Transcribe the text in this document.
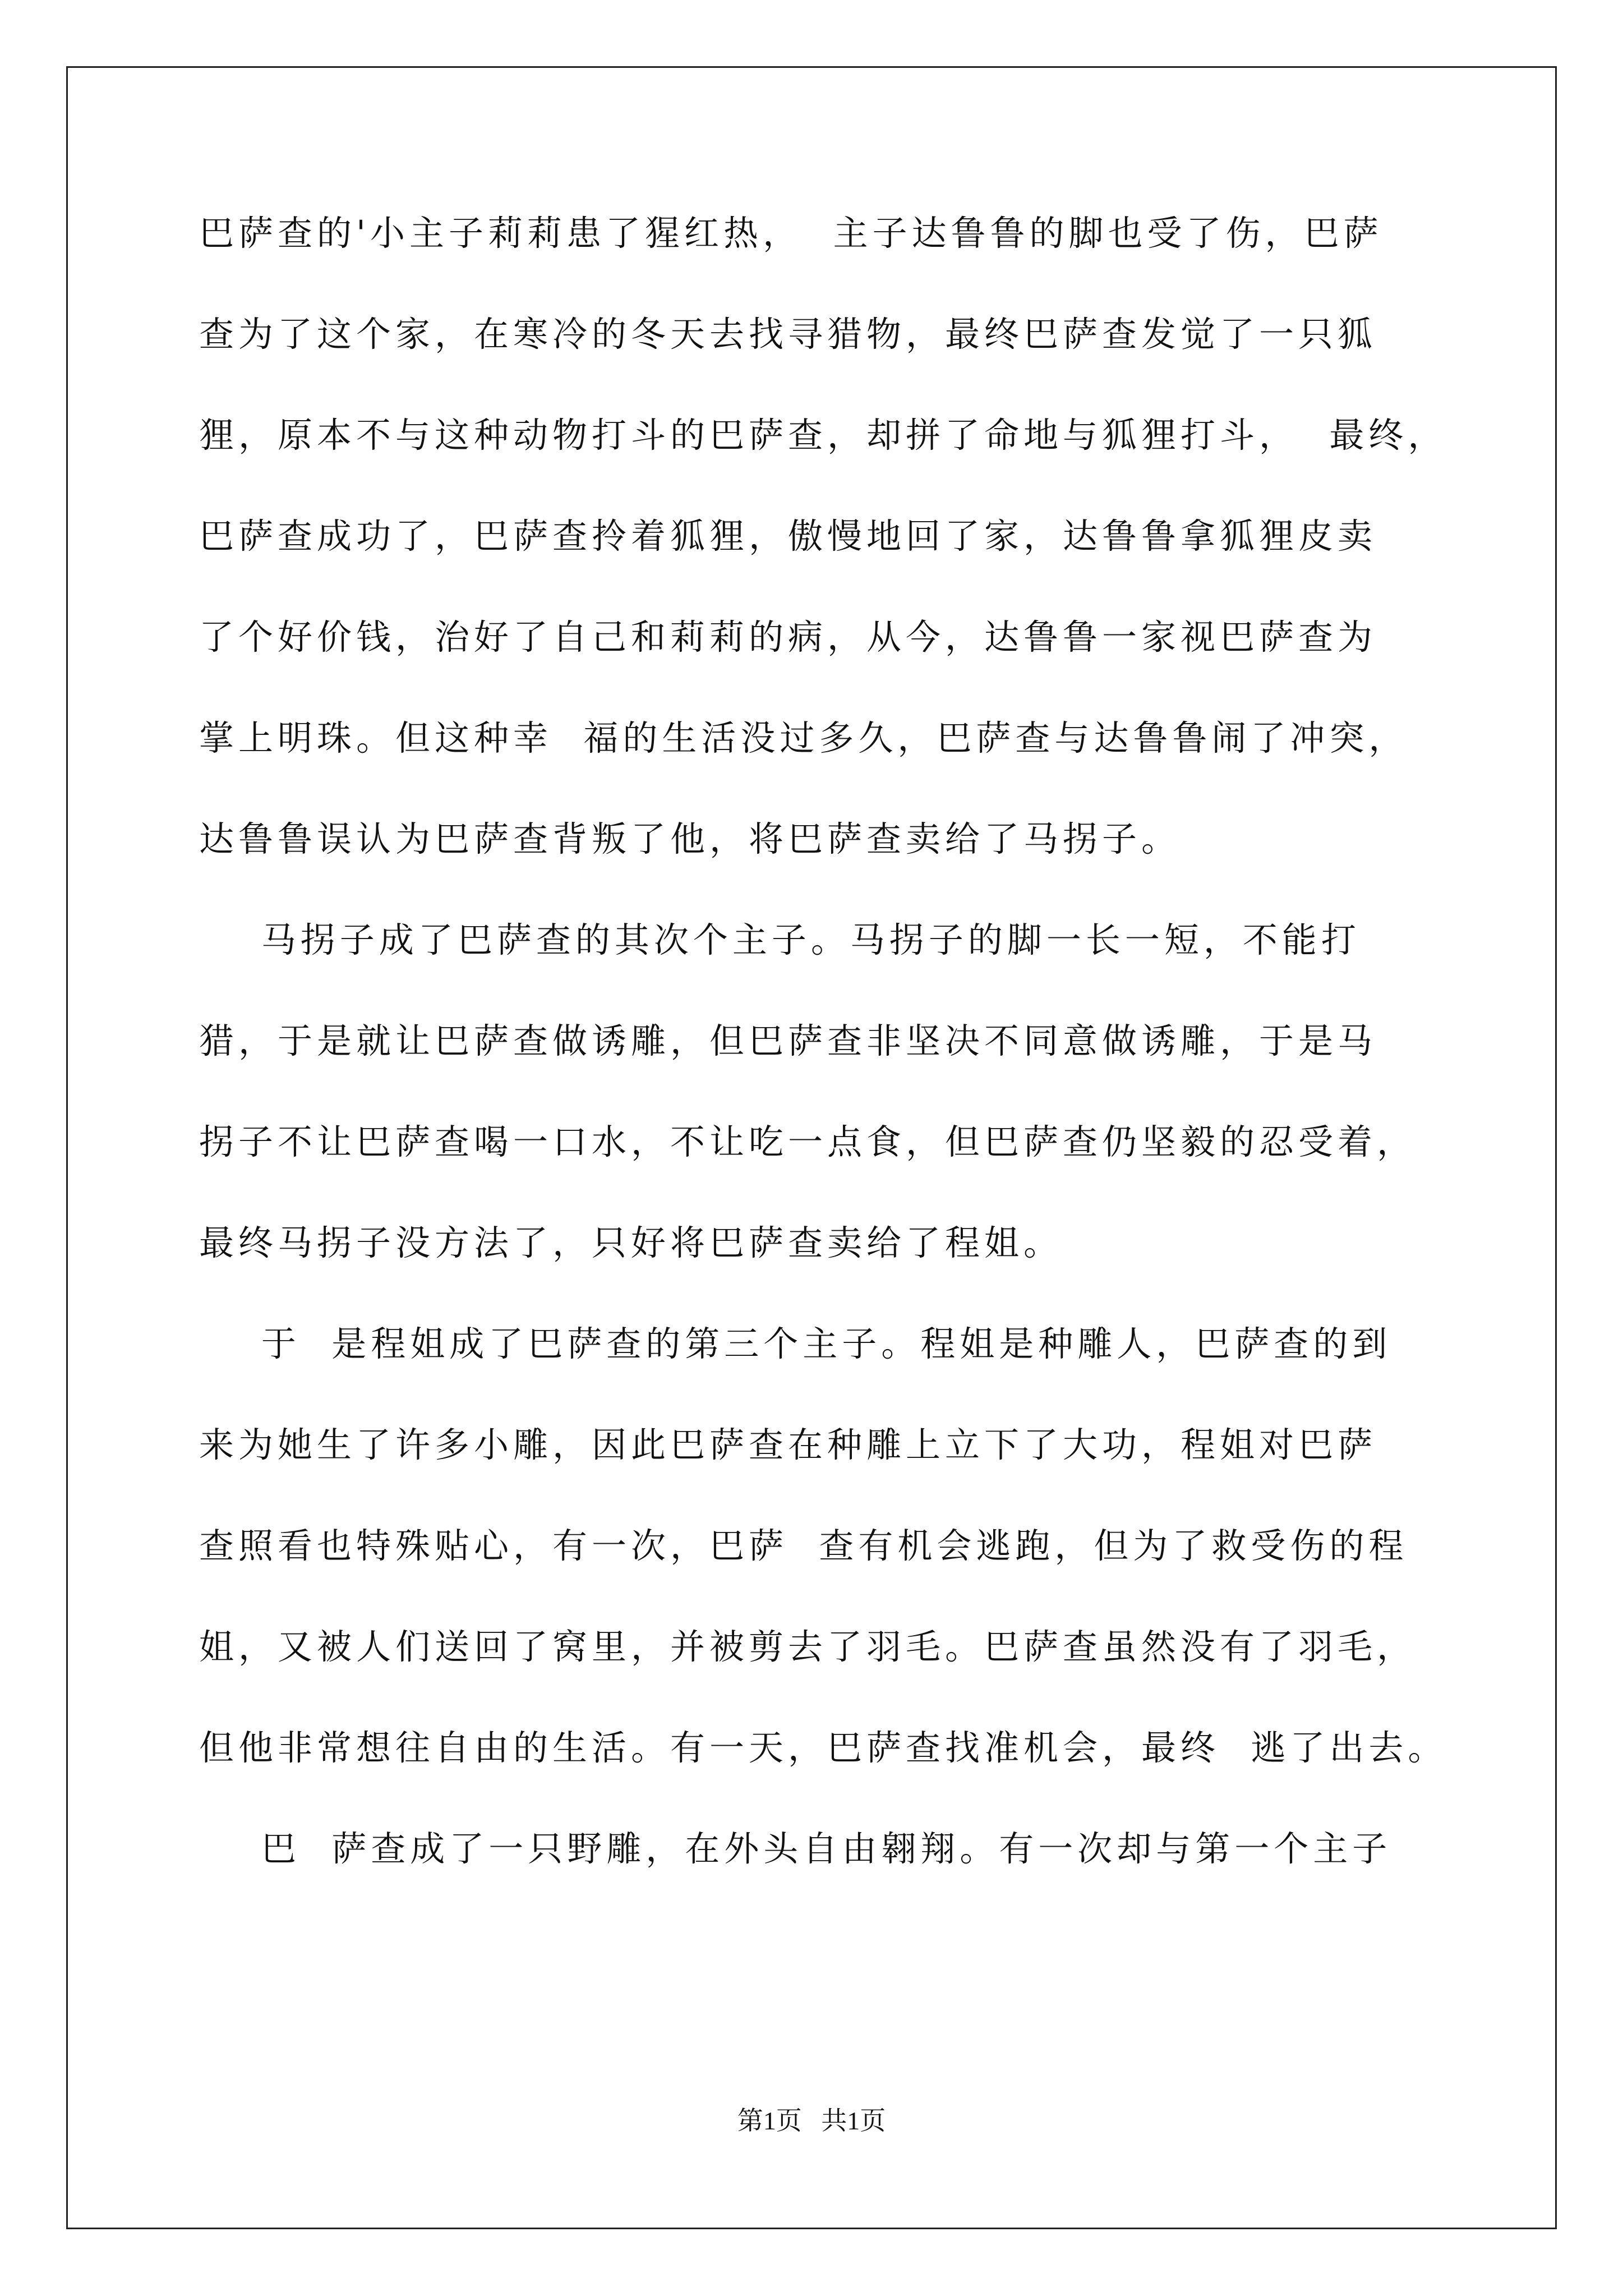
巴萨查的'小主子莉莉患了猩红热，  主子达鲁鲁的脚也受了伤，巴萨
查为了这个家，在寒冷的冬天去找寻猎物，最终巴萨查发觉了一只狐
狸，原本不与这种动物打斗的巴萨查，却拼了命地与狐狸打斗，  最终，
巴萨查成功了，巴萨查拎着狐狸，傲慢地回了家，达鲁鲁拿狐狸皮卖
了个好价钱，治好了自己和莉莉的病，从今，达鲁鲁一家视巴萨查为
掌上明珠。但这种幸  福的生活没过多久，巴萨查与达鲁鲁闹了冲突，
达鲁鲁误认为巴萨查背叛了他，将巴萨查卖给了马拐子。
马拐子成了巴萨查的其次个主子。马拐子的脚一长一短，不能打
猎，于是就让巴萨查做诱雕，但巴萨查非坚决不同意做诱雕，于是马
拐子不让巴萨查喝一口水，不让吃一点食，但巴萨查仍坚毅的忍受着，
最终马拐子没方法了，只好将巴萨查卖给了程姐。
于  是程姐成了巴萨查的第三个主子。程姐是种雕人，巴萨查的到
来为她生了许多小雕，因此巴萨查在种雕上立下了大功，程姐对巴萨
查照看也特殊贴心，有一次，巴萨  查有机会逃跑，但为了救受伤的程
姐，又被人们送回了窝里，并被剪去了羽毛。巴萨查虽然没有了羽毛，
但他非常想往自由的生活。有一天，巴萨查找准机会，最终  逃了出去。
巴  萨查成了一只野雕，在外头自由翱翔。有一次却与第一个主子
第1页   共1页
